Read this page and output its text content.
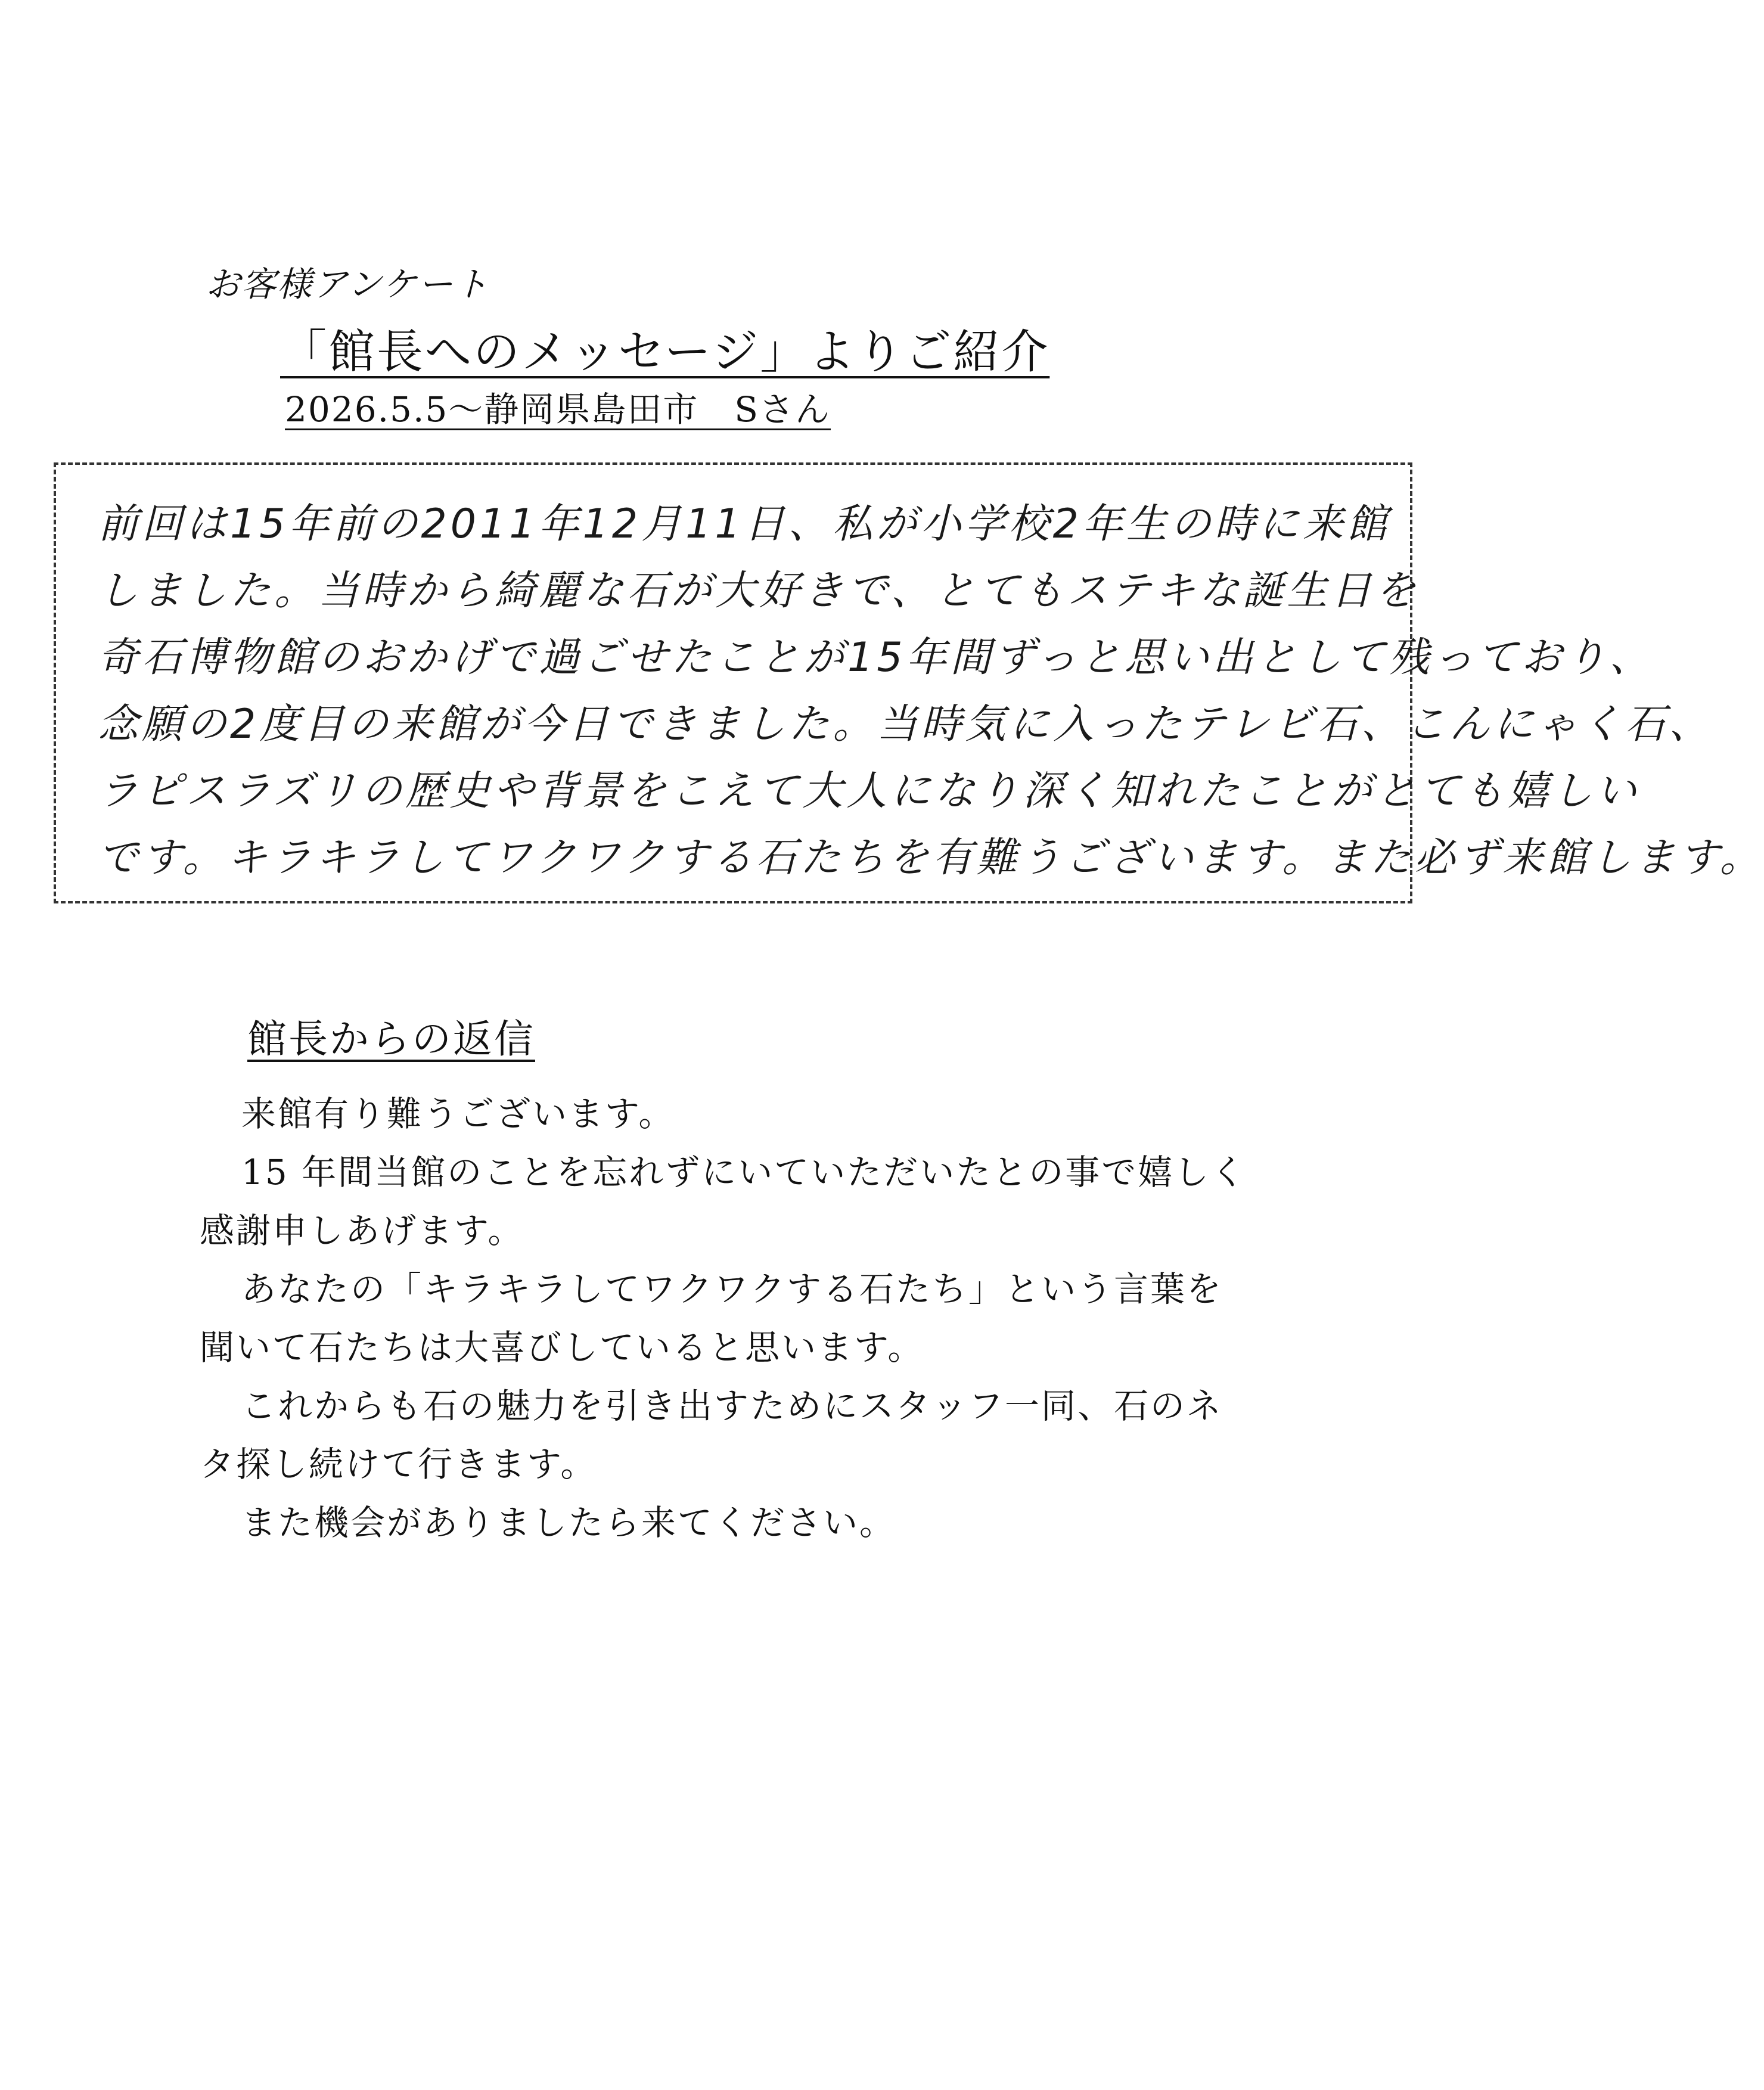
お客様アンケート
「館長へのメッセージ」よりご紹介
2026.5.5～静岡県島田市　Sさん
前回は15年前の2011年12月11日、私が小学校2年生の時に来館
しました。当時から綺麗な石が大好きで、とてもステキな誕生日を
奇石博物館のおかげで過ごせたことが15年間ずっと思い出として残っており、
念願の2度目の来館が今日できました。当時気に入ったテレビ石、こんにゃく石、
ラピスラズリの歴史や背景をこえて大人になり深く知れたことがとても嬉しい
です。キラキラしてワクワクする石たちを有難うございます。また必ず来館します。
館長からの返信
来館有り難うございます。
15 年間当館のことを忘れずにいていただいたとの事で嬉しく
感謝申しあげます。
あなたの「キラキラしてワクワクする石たち」という言葉を
聞いて石たちは大喜びしていると思います。
これからも石の魅力を引き出すためにスタッフ一同、石のネ
タ探し続けて行きます。
また機会がありましたら来てください。
